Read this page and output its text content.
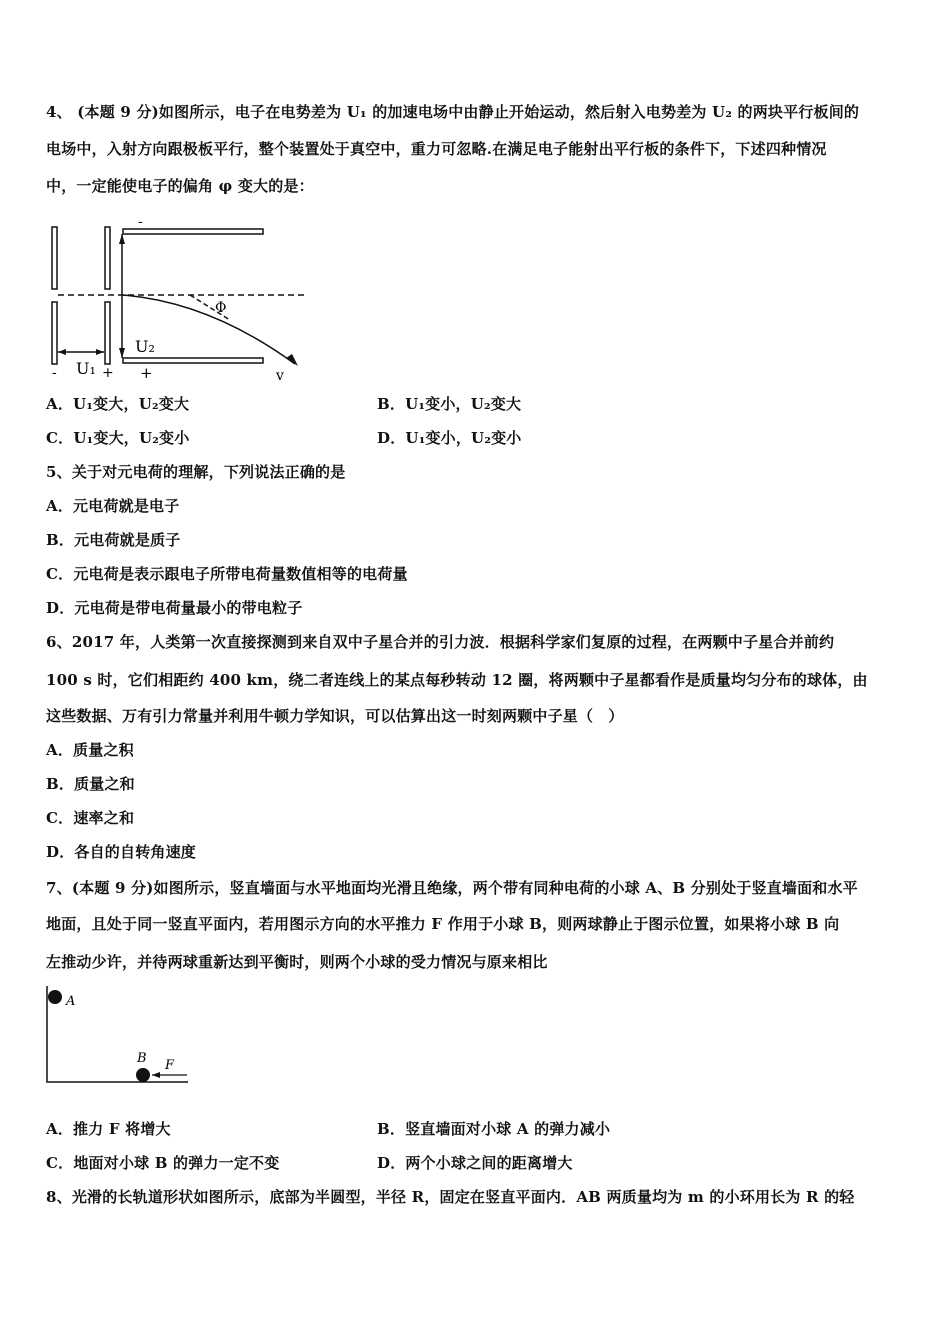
4、 (本题 9 分)如图所示，电子在电势差为 U₁ 的加速电场中由静止开始运动，然后射入电势差为 U₂ 的两块平行板间的
电场中，入射方向跟极板平行，整个装置处于真空中，重力可忽略.在满足电子能射出平行板的条件下，下述四种情况
中，一定能使电子的偏角 φ 变大的是：
-	+
U₁
U₂
-
+
Φ
v
A．U₁变大，U₂变大	B．U₁变小，U₂变大
C．U₁变大，U₂变小	D．U₁变小，U₂变小
5、关于对元电荷的理解，下列说法正确的是
A．元电荷就是电子
B．元电荷就是质子
C．元电荷是表示跟电子所带电荷量数值相等的电荷量
D．元电荷是带电荷量最小的带电粒子
6、2017 年，人类第一次直接探测到来自双中子星合并的引力波．根据科学家们复原的过程，在两颗中子星合并前约
100 s 时，它们相距约 400 km，绕二者连线上的某点每秒转动 12 圈，将两颗中子星都看作是质量均匀分布的球体，由
这些数据、万有引力常量并利用牛顿力学知识，可以估算出这一时刻两颗中子星（　）
A．质量之积
B．质量之和
C．速率之和
D．各自的自转角速度
7、(本题 9 分)如图所示，竖直墙面与水平地面均光滑且绝缘，两个带有同种电荷的小球 A、B 分别处于竖直墙面和水平
地面，且处于同一竖直平面内，若用图示方向的水平推力 F 作用于小球 B，则两球静止于图示位置，如果将小球 B 向
左推动少许，并待两球重新达到平衡时，则两个小球的受力情况与原来相比
A
B F
A．推力 F 将增大	B．竖直墙面对小球 A 的弹力减小
C．地面对小球 B 的弹力一定不变	D．两个小球之间的距离增大
8、光滑的长轨道形状如图所示，底部为半圆型，半径 R，固定在竖直平面内．AB 两质量均为 m 的小环用长为 R 的轻
